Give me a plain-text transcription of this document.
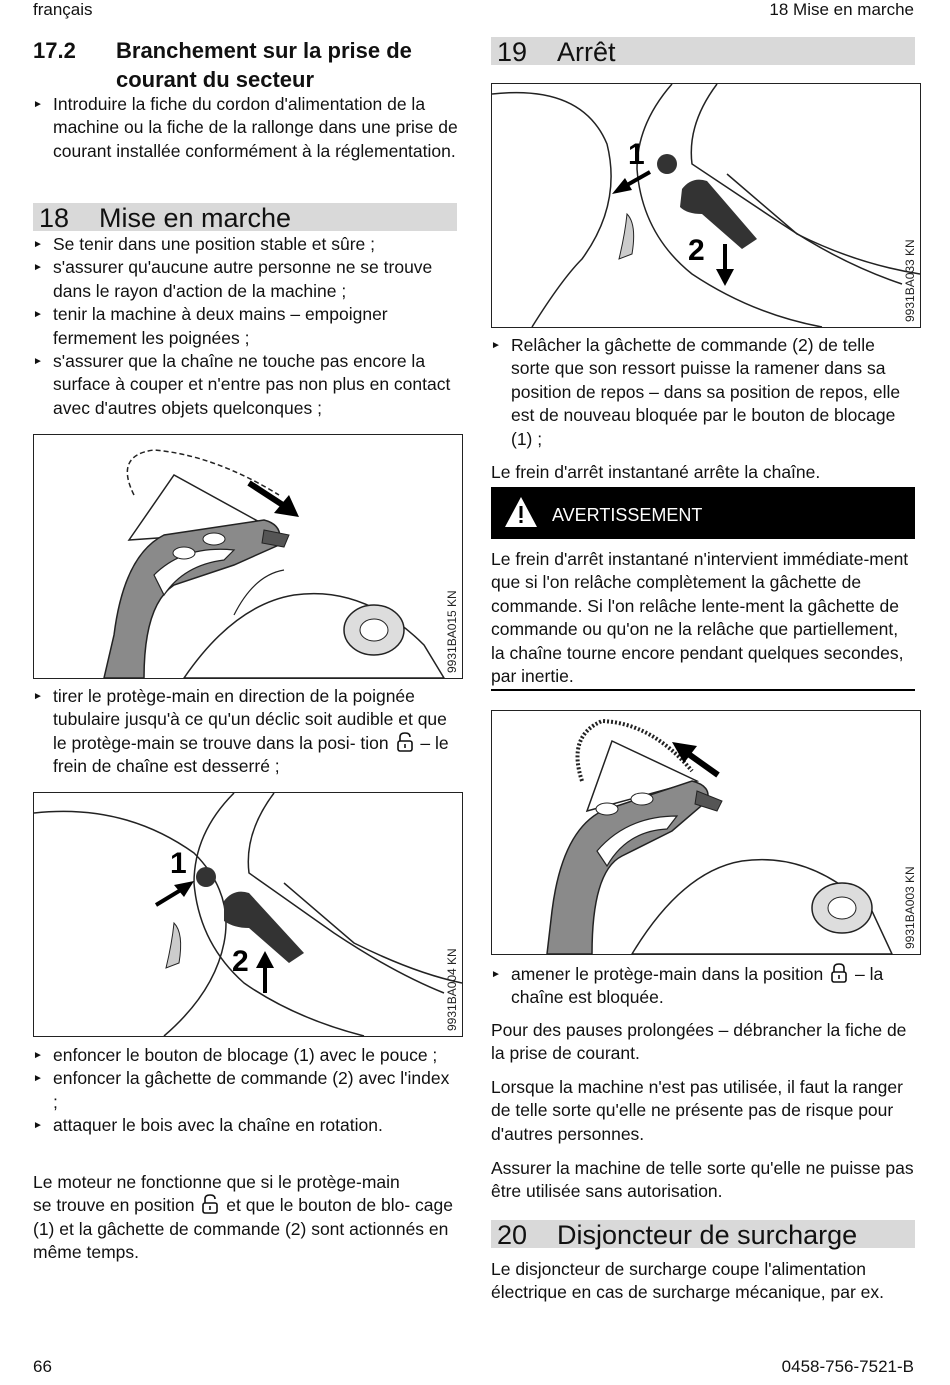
français	18 Mise en marche
17.2 Branchement sur la prise de
courant du secteur
► Introduire la fiche du cordon d'alimentation de la machine ou la fiche de la rallonge dans une prise de courant installée conformément à la réglementation.
18 Mise en marche
► Se tenir dans une position stable et sûre ;
► s'assurer qu'aucune autre personne ne se trouve dans le rayon d'action de la machine ;
► tenir la machine à deux mains – empoigner fermement les poignées ;
► s'assurer que la chaîne ne touche pas encore la surface à couper et n'entre pas non plus en contact avec d'autres objets quelconques ;
9931BA015 KN
► tirer le protège-main en direction de la poignée tubulaire jusqu'à ce qu'un déclic soit audible et que le protège-main se trouve dans la posi- tion – le frein de chaîne est desserré ;
1
2	9931BA004 KN
► enfoncer le bouton de blocage (1) avec le pouce ;
► enfoncer la gâchette de commande (2) avec l'index ;
► attaquer le bois avec la chaîne en rotation.
Le moteur ne fonctionne que si le protège-main
se trouve en position et que le bouton de blo- cage (1) et la gâchette de commande (2) sont actionnés en même temps.
19 Arrêt
1
2	9931BA033 KN
► Relâcher la gâchette de commande (2) de telle sorte que son ressort puisse la ramener dans sa position de repos – dans sa position de repos, elle est de nouveau bloquée par le bouton de blocage (1) ;
Le frein d'arrêt instantané arrête la chaîne.
AVERTISSEMENT
Le frein d'arrêt instantané n'intervient immédiate-ment que si l'on relâche complètement la gâchette de commande. Si l'on relâche lente-ment la gâchette de commande ou qu'on ne la relâche que partiellement, la chaîne tourne encore pendant quelques secondes, par inertie.
9931BA003 KN
► amener le protège-main dans la position – la chaîne est bloquée.
Pour des pauses prolongées – débrancher la fiche de la prise de courant.
Lorsque la machine n'est pas utilisée, il faut la ranger de telle sorte qu'elle ne présente pas de risque pour d'autres personnes.
Assurer la machine de telle sorte qu'elle ne puisse pas être utilisée sans autorisation.
20 Disjoncteur de surcharge
Le disjoncteur de surcharge coupe l'alimentation électrique en cas de surcharge mécanique, par ex.
66	0458-756-7521-B
